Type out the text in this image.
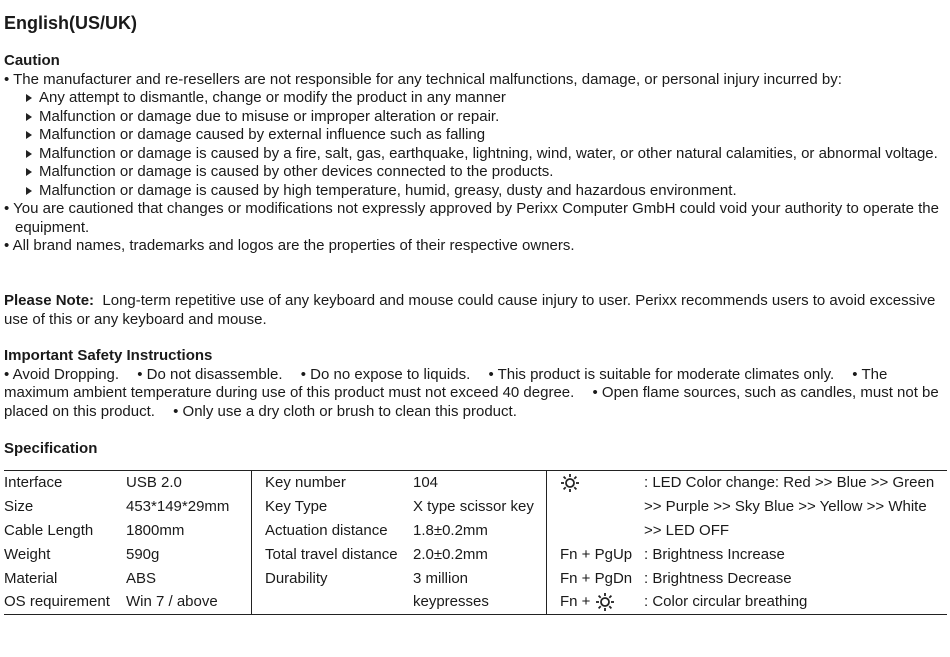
English(US/UK)
Caution
• The manufacturer and re-resellers are not responsible for any technical malfunctions, damage, or personal injury incurred by:
Any attempt to dismantle, change or modify the product in any manner
Malfunction or damage due to misuse or improper alteration or repair.
Malfunction or damage caused by external influence such as falling
Malfunction or damage is caused by a fire, salt, gas, earthquake, lightning, wind, water, or other natural calamities, or abnormal voltage.
Malfunction or damage is caused by other devices connected to the products.
Malfunction or damage is caused by high temperature, humid, greasy, dusty and hazardous environment.
• You are cautioned that changes or modifications not expressly approved by Perixx Computer GmbH could void your authority to operate the equipment.
• All brand names, trademarks and logos are the properties of their respective owners.
Please Note: Long-term repetitive use of any keyboard and mouse could cause injury to user. Perixx recommends users to avoid excessive use of this or any keyboard and mouse.
Important Safety Instructions
• Avoid Dropping. • Do not disassemble. • Do no expose to liquids. • This product is suitable for moderate climates only. • The maximum ambient temperature during use of this product must not exceed 40 degree. • Open flame sources, such as candles, must not be placed on this product. • Only use a dry cloth or brush to clean this product.
Specification
Interface	USB 2.0	Key number	104		: LED Color change: Red >> Blue >> Green
Size	453*149*29mm	Key Type	X type scissor key		>> Purple >> Sky Blue >> Yellow >> White
Cable Length	1800mm	Actuation distance	1.8±0.2mm		>> LED OFF
Weight	590g	Total travel distance	2.0±0.2mm	Fn + PgUp	: Brightness Increase
Material	ABS	Durability	3 million	Fn + PgDn	: Brightness Decrease
OS requirement	Win 7 / above		keypresses	Fn +	: Color circular breathing
